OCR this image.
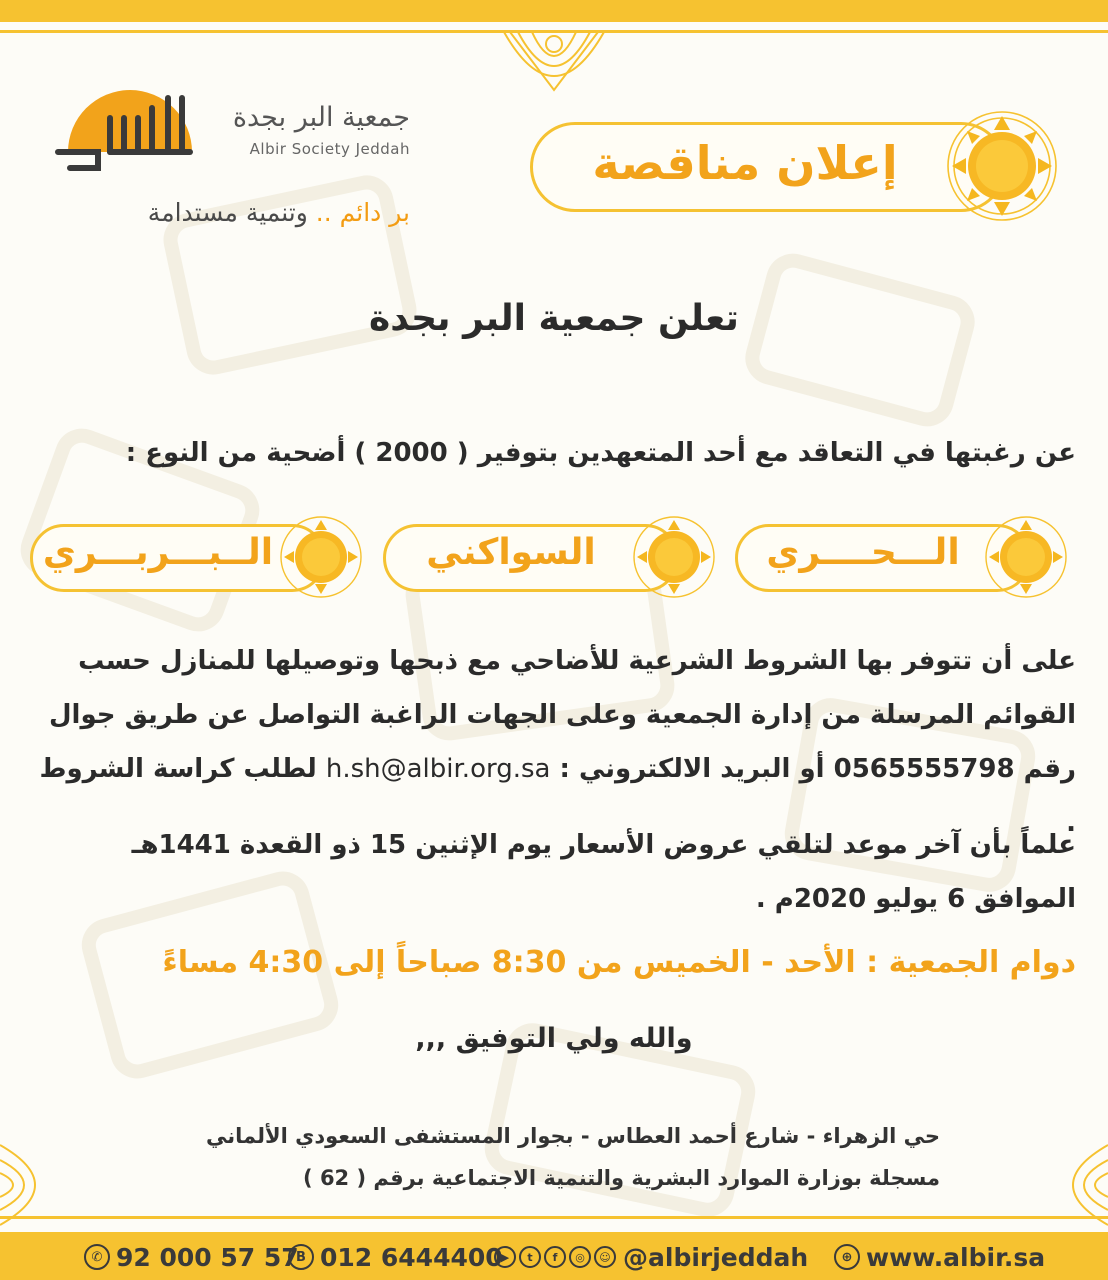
جمعية البر بجدة
Albir Society Jeddah
بر دائم .. وتنمية مستدامة
إعلان مناقصة
تعلن جمعية البر بجدة
عن رغبتها في التعاقد مع أحد المتعهدين بتوفير ( 2000 ) أضحية من النوع :
الـــحــــري
السواكني
الــبـــربـــري
على أن تتوفر بها الشروط الشرعية للأضاحي مع ذبحها وتوصيلها للمنازل حسب
القوائم المرسلة من إدارة الجمعية وعلى الجهات الراغبة التواصل عن طريق جوال
رقم 0565555798 أو البريد الالكتروني : h.sh@albir.org.sa لطلب كراسة الشروط .
علماً بأن آخر موعد لتلقي عروض الأسعار يوم الإثنين 15 ذو القعدة 1441هـ
الموافق 6 يوليو 2020م .
دوام الجمعية : الأحد - الخميس من 8:30 صباحاً إلى 4:30 مساءً
والله ولي التوفيق ,,,
حي الزهراء - شارع أحمد العطاس - بجوار المستشفى السعودي الألماني
مسجلة بوزارة الموارد البشرية والتنمية الاجتماعية برقم ( 62 )
✆ 92 000 57 57
B 012 6444400
▶	t	f	◎	☺ @albirjeddah	⊕ www.albir.sa
